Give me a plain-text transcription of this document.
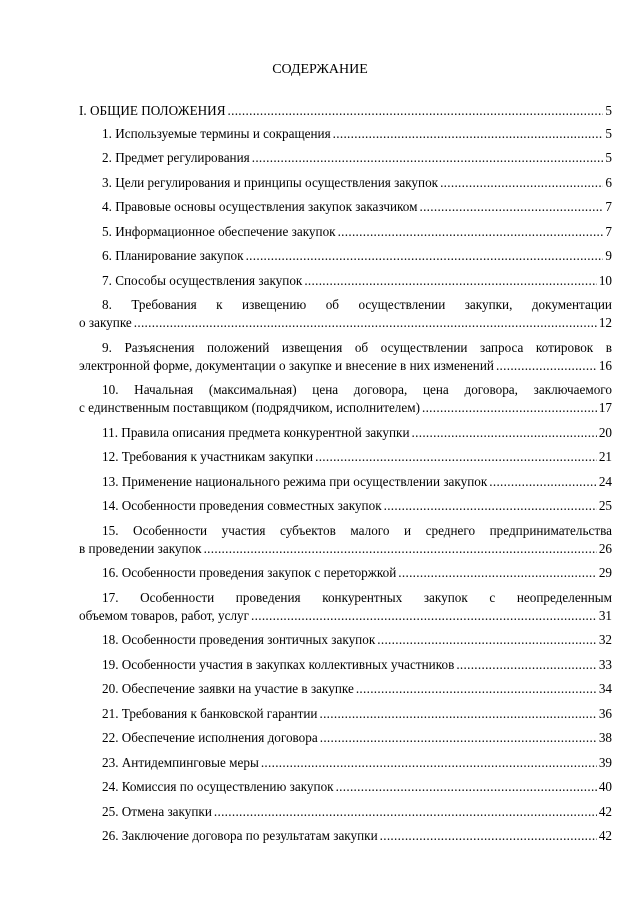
СОДЕРЖАНИЕ
I. ОБЩИЕ ПОЛОЖЕНИЯ .....	5
1. Используемые термины и сокращения .....	5
2. Предмет регулирования .....	5
3. Цели регулирования и принципы осуществления закупок .....	6
4. Правовые основы осуществления закупок заказчиком .....	7
5. Информационное обеспечение закупок .....	7
6. Планирование закупок .....	9
7. Способы осуществления закупок .....	10
8. Требования к извещению об осуществлении закупки, документации
о закупке .....	12
9. Разъяснения положений извещения об осуществлении запроса котировок в
электронной форме, документации о закупке и внесение в них изменений .....	16
10. Начальная (максимальная) цена договора, цена договора, заключаемого
с единственным поставщиком (подрядчиком, исполнителем) .....	17
11. Правила описания предмета конкурентной закупки .....	20
12. Требования к участникам закупки .....	21
13. Применение национального режима при осуществлении закупок .....	24
14. Особенности проведения совместных закупок .....	25
15. Особенности участия субъектов малого и среднего предпринимательства
в проведении закупок .....	26
16. Особенности проведения закупок с переторжкой .....	29
17. Особенности проведения конкурентных закупок с неопределенным
объемом товаров, работ, услуг .....	31
18. Особенности проведения зонтичных закупок .....	32
19. Особенности участия в закупках коллективных участников .....	33
20. Обеспечение заявки на участие в закупке .....	34
21. Требования к банковской гарантии .....	36
22. Обеспечение исполнения договора .....	38
23. Антидемпинговые меры .....	39
24. Комиссия по осуществлению закупок .....	40
25. Отмена закупки .....	42
26. Заключение договора по результатам закупки .....	42
